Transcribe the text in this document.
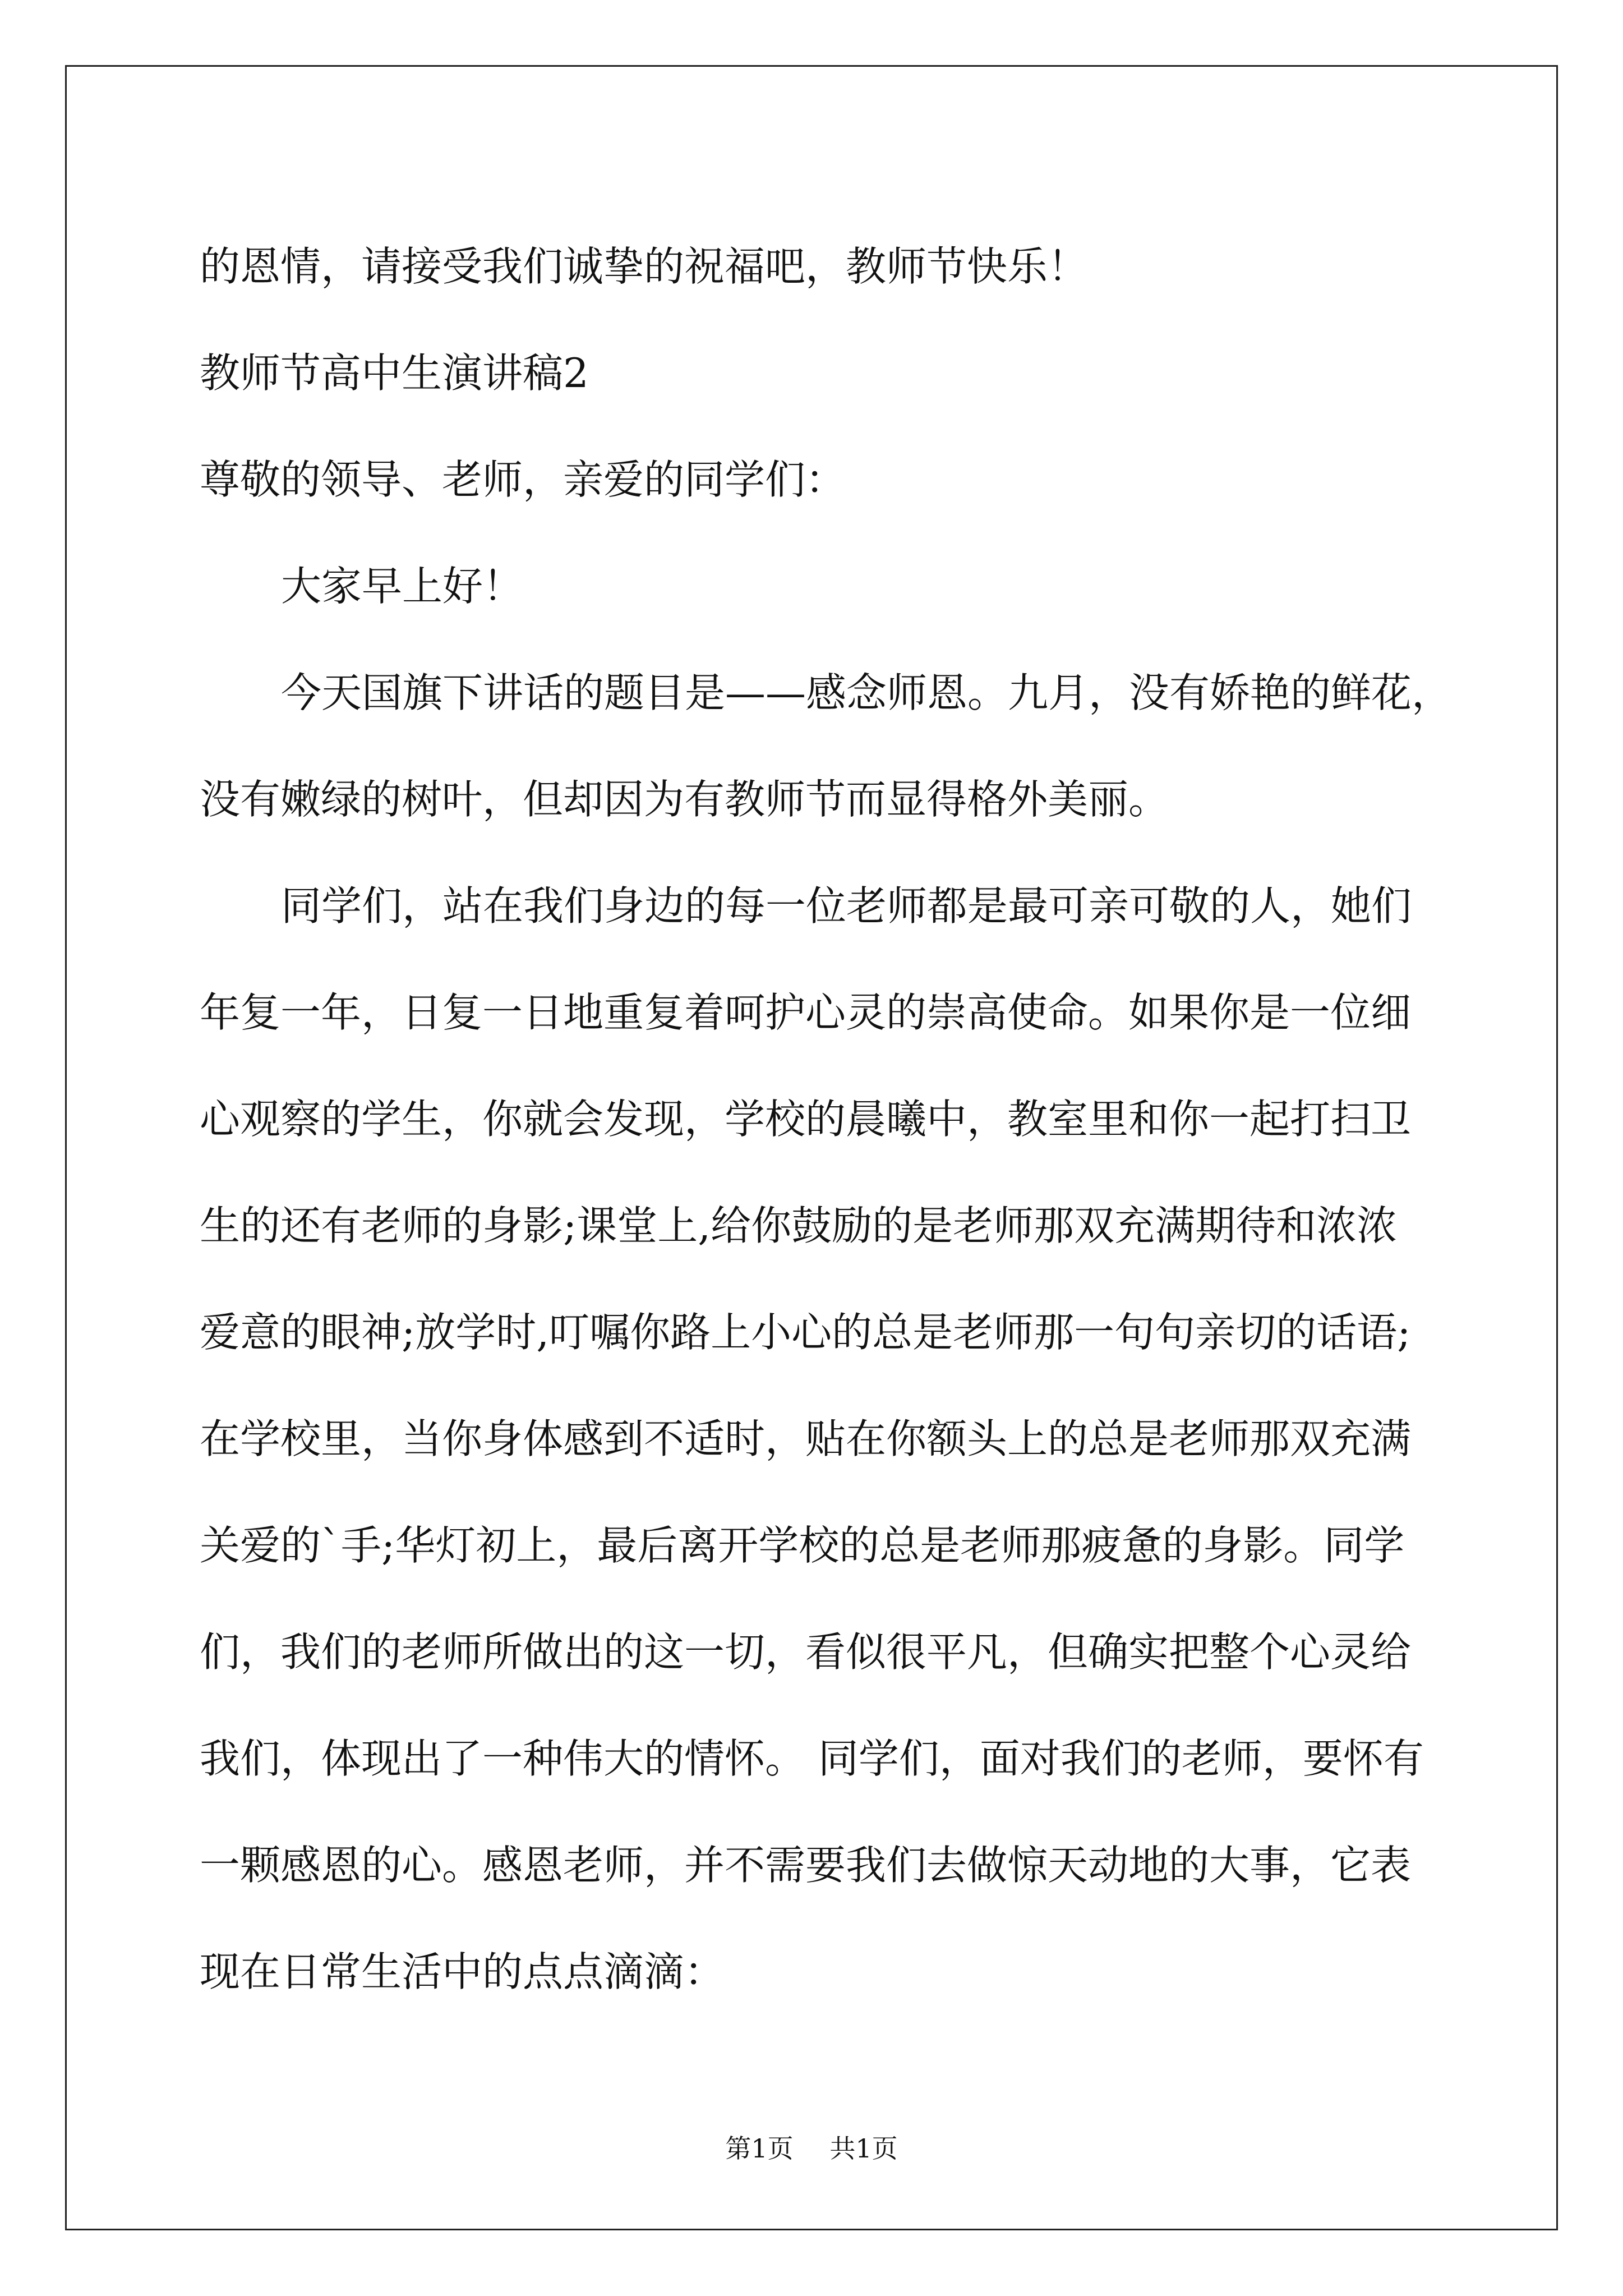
的恩情，请接受我们诚挚的祝福吧，教师节快乐！

教师节高中生演讲稿2

尊敬的领导、老师，亲爱的同学们：

大家早上好！

今天国旗下讲话的题目是——感念师恩。九月，没有娇艳的鲜花，

没有嫩绿的树叶，但却因为有教师节而显得格外美丽。

同学们，站在我们身边的每一位老师都是最可亲可敬的人，她们

年复一年，日复一日地重复着呵护心灵的崇高使命。如果你是一位细

心观察的学生，你就会发现，学校的晨曦中，教室里和你一起打扫卫

生的还有老师的身影;课堂上,给你鼓励的是老师那双充满期待和浓浓

爱意的眼神;放学时,叮嘱你路上小心的总是老师那一句句亲切的话语;

在学校里，当你身体感到不适时，贴在你额头上的总是老师那双充满

关爱的`手;华灯初上，最后离开学校的总是老师那疲惫的身影。同学

们，我们的老师所做出的这一切，看似很平凡，但确实把整个心灵给

我们，体现出了一种伟大的情怀。 同学们，面对我们的老师，要怀有

一颗感恩的心。感恩老师，并不需要我们去做惊天动地的大事，它表

现在日常生活中的点点滴滴：

第1页 共1页
